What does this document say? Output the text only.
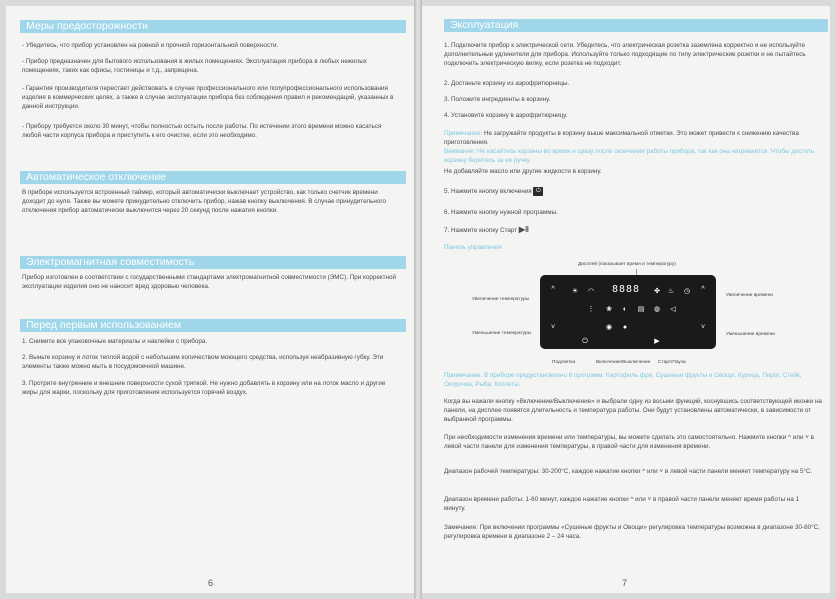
Меры предосторожности

- Убедитесь, что прибор установлен на ровной и прочной горизонтальной поверхности.

- Прибор предназначен для бытового использования в жилых помещениях. Эксплуатация прибора в любых нежилых помещениях, таких как офисы, гостиницы и т.д., запрещена.

- Гарантия производителя перестает действовать в случае профессионального или полупрофессионального использования изделия в коммерческих целях, а также в случае эксплуатации прибора без соблюдения правил и рекомендаций, указанных в данной инструкции.

- Прибору требуется около 30 минут, чтобы полностью остыть после работы. По истечении этого времени можно касаться любой части корпуса прибора и приступить к его очистке, если это необходимо.

Автоматическое отключение

В приборе используется встроенный таймер, который автоматически выключает устройство, как только счетчик времени доходит до нуля. Также вы можете принудительно отключить прибор, нажав кнопку выключения. В случае принудительного отключения прибор автоматически выключится через 20 секунд после нажатия кнопки.

Электромагнитная совместимость

Прибор изготовлен в соответствии с государственными стандартами электромагнитной совместимости (ЭМС). При корректной эксплуатации изделия оно не наносит вред здоровью человека.

Перед первым использованием

1. Снимите все упаковочные материалы и наклейки с прибора.

2. Выньте корзину и лоток теплой водой с небольшим количеством моющего средства, используя неабразивную губку. Эти элементы также можно мыть в посудомоечной машине.

3. Протрите внутренние и внешние поверхности сухой тряпкой. Не нужно добавлять в корзину или на лоток масло и другие жиры для жарки, поскольку для приготовления используется горячий воздух.

6
Эксплуатация

1. Подключите прибор к электрической сети. Убедитесь, что электрическая розетка заземлена корректно и не используйте дополнительные удлинители для прибора. Используйте только подходящие по типу электрические розетки и не пытайтесь подключить электрическую вилку, если розетка не подходит.

2. Достаньте корзину из аэрофритюрницы.

3. Положите ингредиенты в корзину.

4. Установите корзину в аэрофритюрницу.

Примечание: Не загружайте продукты в корзину выше максимальной отметки. Это может привести к снижению качества приготовления.

Внимание: Не касайтесь корзины во время и сразу после окончания работы прибора, так как она нагревается. Чтобы достать корзину беритесь за ее ручку.

Не добавляйте масло или другие жидкости в корзину.

5. Нажмите кнопку включения ⏻

6. Нажмите кнопку нужной программы.

7. Нажмите кнопку Старт ▶‖

Панель управления

Дисплей (показывает время и температуру)
Увеличение температуры
Уменьшение температуры
Увеличение времени
Уменьшение времени
Подсветка	Включение/Выключение Старт/Пауза
8888
^
˅
^
˅
☀ ◠	✤ ♨ ◷
⋮ ❀	◐	▤ ◍	◁
◉	●
⏻	▶

Примечание. В приборе предустановлено 8 программ: Картофель фри, Сушеные фрукты и Овощи, Курица, Пирог, Стейк, Окорочка, Рыба, Котлеты.

Когда вы нажали кнопку «Включение/Выключение» и выбрали одну из восьми функций, коснувшись соответствующей иконки на панели, на дисплее появятся длительность и температура работы. Они будут установлены автоматически, в зависимости от выбранной программы.

При необходимости изменения времени или температуры, вы можете сделать это самостоятельно. Нажмите кнопки ^ или ˅ в левой части панели для изменения температуры, в правой части для изменения времени.

Диапазон рабочей температуры: 30-200°C, каждое нажатие кнопки ^ или ˅ в левой части панели меняет температуру на 5°C.

Диапазон времени работы: 1-60 минут, каждое нажатие кнопки ^ или ˅ в правой части панели меняет время работы на 1 минуту.

Замечание: При включении программы «Сушеные фрукты и Овощи» регулировка температуры возможна в диапазоне 30-80°C, регулировка времени в диапазоне 2 – 24 часа.

7
